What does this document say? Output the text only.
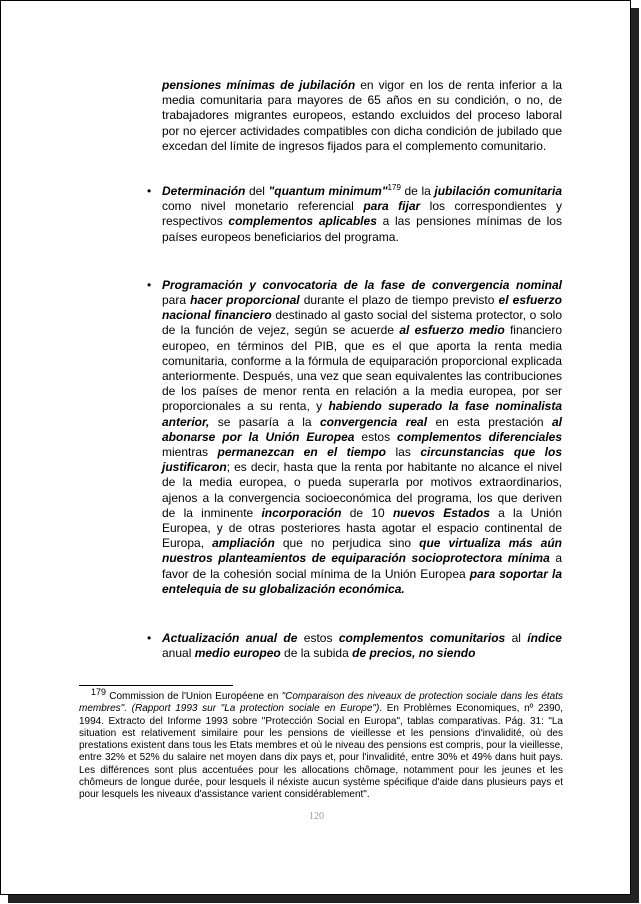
pensiones mínimas de jubilación en vigor en los de renta inferior a la media comunitaria para mayores de 65 años en su condición, o no, de trabajadores migrantes europeos, estando excluidos del proceso laboral por no ejercer actividades compatibles con dicha condición de jubilado que excedan del límite de ingresos fijados para el complemento comunitario.

• Determinación del "quantum minimum"$^{179}$ de la jubilación comunitaria como nivel monetario referencial para fijar los correspondientes y respectivos complementos aplicables a las pensiones mínimas de los países europeos beneficiarios del programa.

• Programación y convocatoria de la fase de convergencia nominal para hacer proporcional durante el plazo de tiempo previsto el esfuerzo nacional financiero destinado al gasto social del sistema protector, o solo de la función de vejez, según se acuerde al esfuerzo medio financiero europeo, en términos del PIB, que es el que aporta la renta media comunitaria, conforme a la fórmula de equiparación proporcional explicada anteriormente. Después, una vez que sean equivalentes las contribuciones de los países de menor renta en relación a la media europea, por ser proporcionales a su renta, y habiendo superado la fase nominalista anterior, se pasaría a la convergencia real en esta prestación al abonarse por la Unión Europea estos complementos diferenciales mientras permanezcan en el tiempo las circunstancias que los justificaron; es decir, hasta que la renta por habitante no alcance el nivel de la media europea, o pueda superarla por motivos extraordinarios, ajenos a la convergencia socioeconómica del programa, los que deriven de la inminente incorporación de 10 nuevos Estados a la Unión Europea, y de otras posteriores hasta agotar el espacio continental de Europa, ampliación que no perjudica sino que virtualiza más aún nuestros planteamientos de equiparación socioprotectora mínima a favor de la cohesión social mínima de la Unión Europea para soportar la entelequia de su globalización económica.

• Actualización anual de estos complementos comunitarios al índice anual medio europeo de la subida de precios, no siendo

179 Commission de l'Union Européene en "Comparaison des niveaux de protection sociale dans les états membres". (Rapport 1993 sur "La protection sociale en Europe"). En Problèmes Economiques, nº 2390, 1994. Extracto del Informe 1993 sobre "Protección Social en Europa", tablas comparativas. Pág. 31: "La situation est relativement similaire pour les pensions de vieillesse et les pensions d'invalidité, où des prestations existent dans tous les Etats membres et où le niveau des pensions est compris, pour la vieillesse, entre 32% et 52% du salaire net moyen dans dix pays et, pour l'invalidité, entre 30% et 49% dans huit pays. Les différences sont plus accentuées pour les allocations chômage, notamment pour les jeunes et les chômeurs de longue durée, pour lesquels il néxiste aucun système spécifique d'aide dans plusieurs pays et pour lesquels les niveaux d'assistance varient considérablement".
120
